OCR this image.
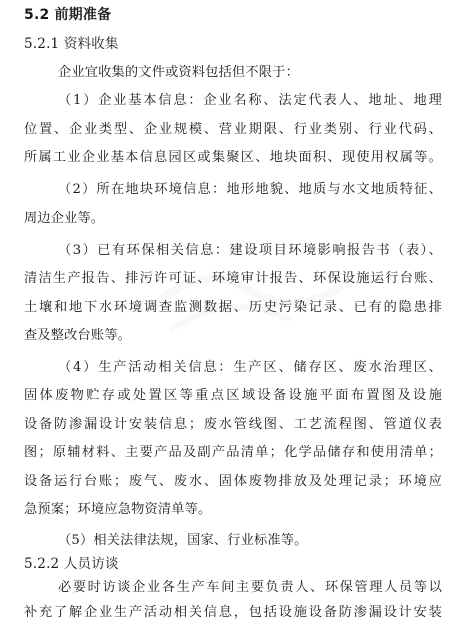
5.2 前期准备
5.2.1 资料收集
企业宜收集的文件或资料包括但不限于：
（1）企业基本信息：企业名称、法定代表人、地址、地理
位置、企业类型、企业规模、营业期限、行业类别、行业代码、
所属工业企业基本信息园区或集聚区、地块面积、现使用权属等。
（2）所在地块环境信息：地形地貌、地质与水文地质特征、
周边企业等。
（3）已有环保相关信息：建设项目环境影响报告书（表）、
清洁生产报告、排污许可证、环境审计报告、环保设施运行台账、
土壤和地下水环境调查监测数据、历史污染记录、已有的隐患排
查及整改台账等。
（4）生产活动相关信息：生产区、储存区、废水治理区、
固体废物贮存或处置区等重点区域设备设施平面布置图及设施
设备防渗漏设计安装信息；废水管线图、工艺流程图、管道仪表
图；原辅材料、主要产品及副产品清单；化学品储存和使用清单；
设备运行台账；废气、废水、固体废物排放及处理记录；环境应
急预案；环境应急物资清单等。
（5）相关法律法规，国家、行业标准等。
5.2.2 人员访谈
必要时访谈企业各生产车间主要负责人、环保管理人员等以
补充了解企业生产活动相关信息，包括设施设备防渗漏设计安装
